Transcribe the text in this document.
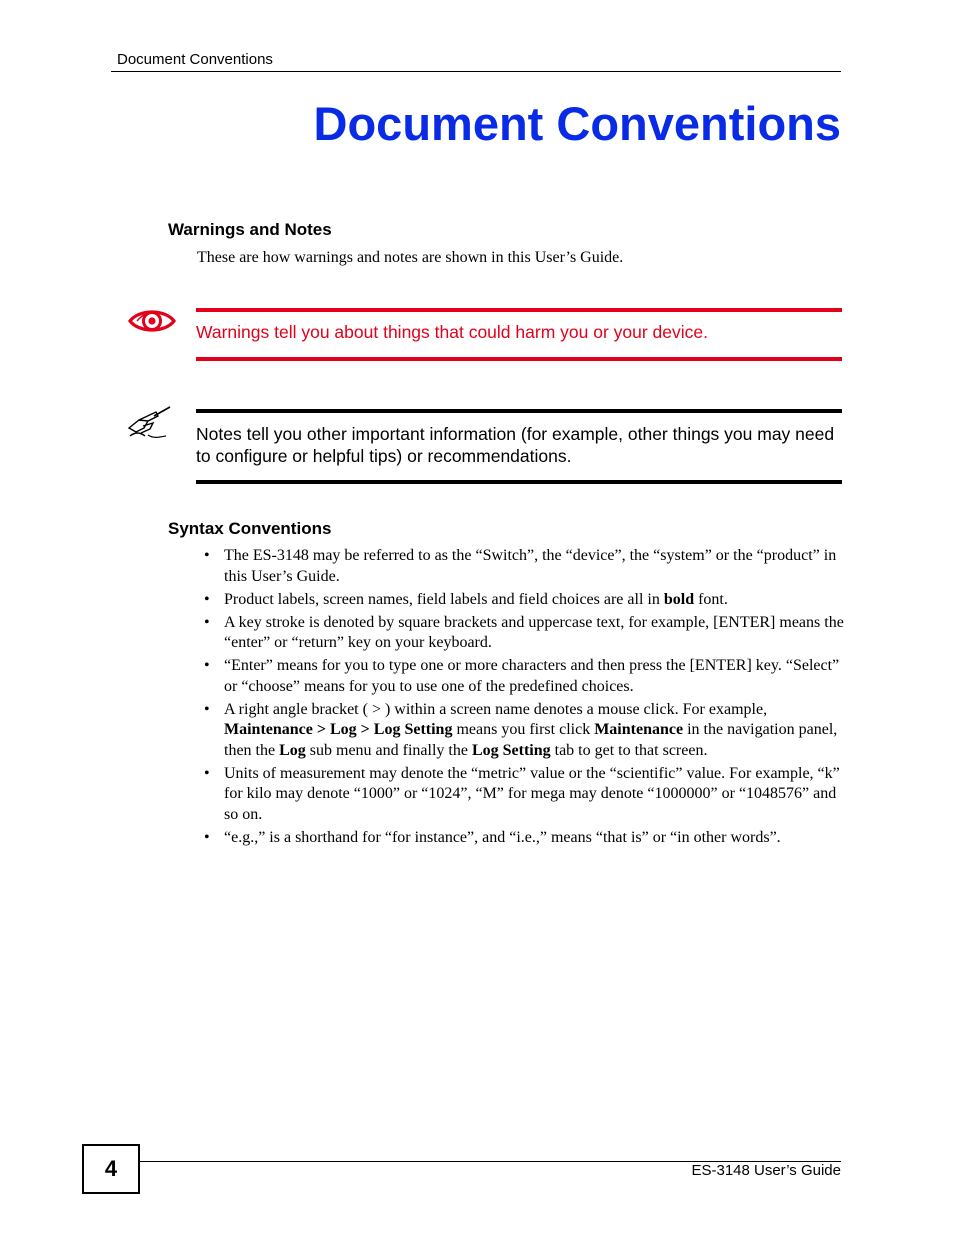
Document Conventions
Document Conventions
Warnings and Notes
These are how warnings and notes are shown in this User’s Guide.
Warnings tell you about things that could harm you or your device.
Notes tell you other important information (for example, other things you may need to configure or helpful tips) or recommendations.
Syntax Conventions
• The ES-3148 may be referred to as the “Switch”, the “device”, the “system” or the “product” in this User’s Guide.
• Product labels, screen names, field labels and field choices are all in bold font.
• A key stroke is denoted by square brackets and uppercase text, for example, [ENTER] means the “enter” or “return” key on your keyboard.
• “Enter” means for you to type one or more characters and then press the [ENTER] key. “Select” or “choose” means for you to use one of the predefined choices.
• A right angle bracket ( > ) within a screen name denotes a mouse click. For example, Maintenance > Log > Log Setting means you first click Maintenance in the navigation panel, then the Log sub menu and finally the Log Setting tab to get to that screen.
• Units of measurement may denote the “metric” value or the “scientific” value. For example, “k” for kilo may denote “1000” or “1024”, “M” for mega may denote “1000000” or “1048576” and so on.
• “e.g.,” is a shorthand for “for instance”, and “i.e.,” means “that is” or “in other words”.
4	ES-3148 User’s Guide
